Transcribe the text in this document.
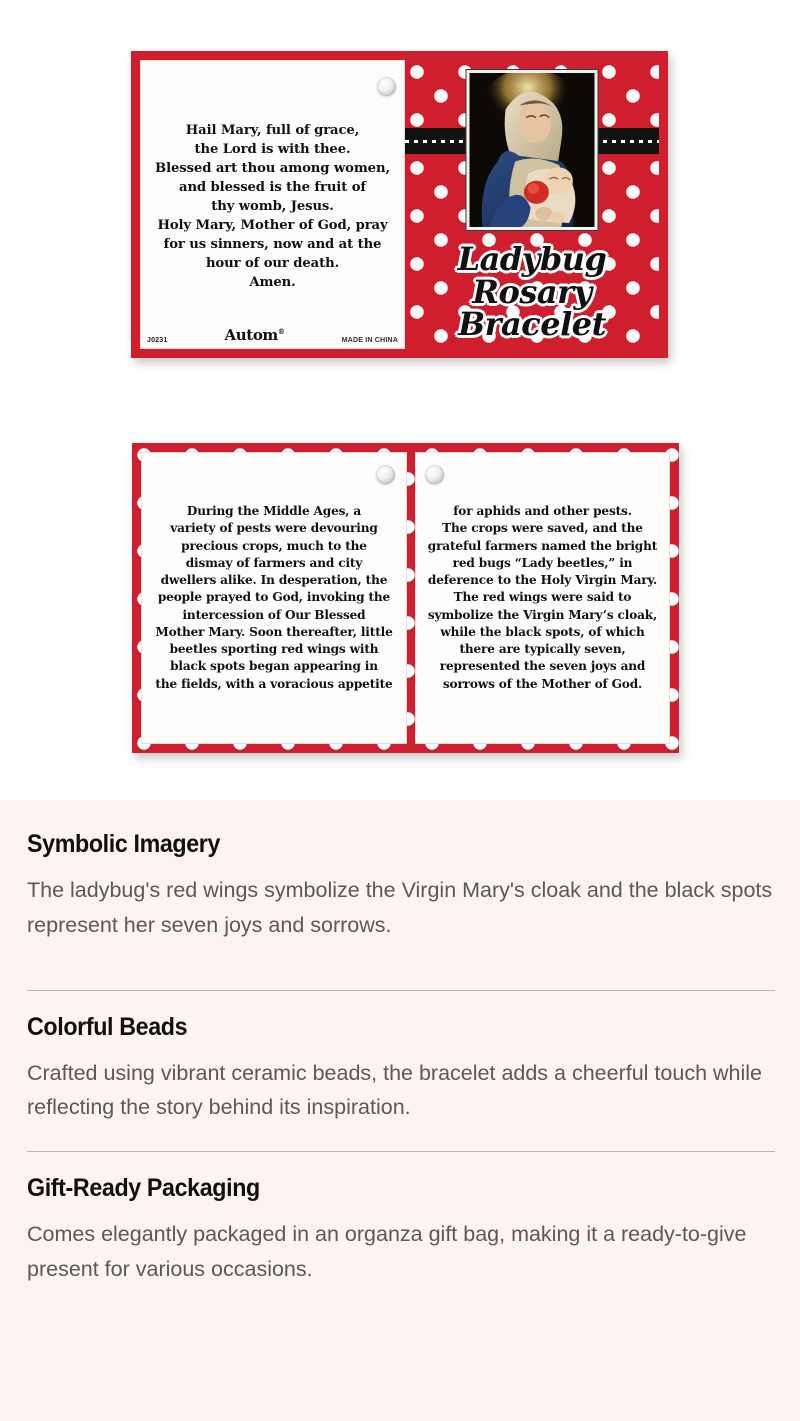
Hail Mary, full of grace,
the Lord is with thee.
Blessed art thou among women,
and blessed is the fruit of
thy womb, Jesus.
Holy Mary, Mother of God, pray
for us sinners, now and at the
hour of our death.
Amen.
J0231	Autom®
MADE IN CHINA
Ladybug
Rosary Bracelet
During the Middle Ages, a
variety of pests were devouring
precious crops, much to the
dismay of farmers and city
dwellers alike. In desperation, the
people prayed to God, invoking the
intercession of Our Blessed
Mother Mary. Soon thereafter, little
beetles sporting red wings with
black spots began appearing in
the fields, with a voracious appetite
for aphids and other pests.
The crops were saved, and the
grateful farmers named the bright
red bugs “Lady beetles,” in
deference to the Holy Virgin Mary.
The red wings were said to
symbolize the Virgin Mary’s cloak,
while the black spots, of which
there are typically seven,
represented the seven joys and
sorrows of the Mother of God.
Symbolic Imagery

The ladybug's red wings symbolize the Virgin Mary's cloak and the black spots represent her seven joys and sorrows.

Colorful Beads

Crafted using vibrant ceramic beads, the bracelet adds a cheerful touch while reflecting the story behind its inspiration.

Gift-Ready Packaging

Comes elegantly packaged in an organza gift bag, making it a ready-to-give present for various occasions.
